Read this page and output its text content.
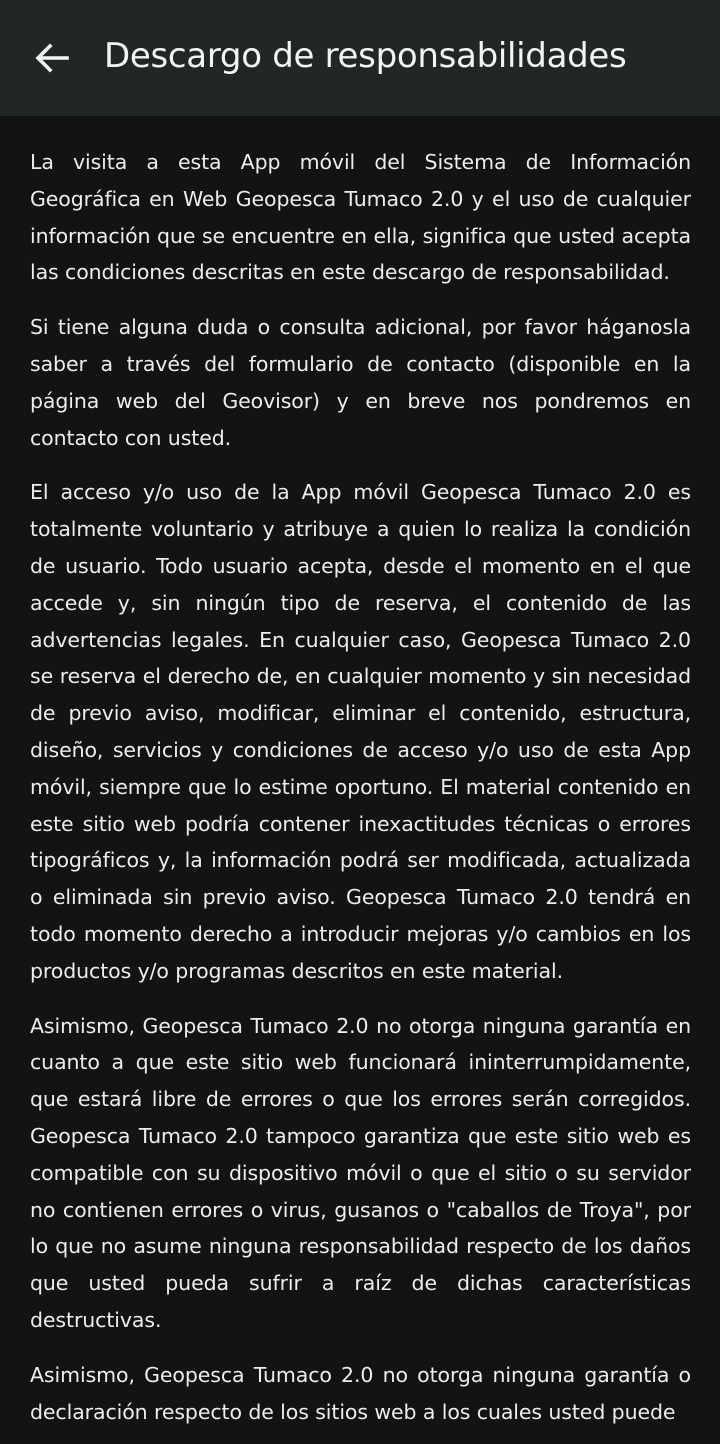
Descargo de responsabilidades

La visita a esta App móvil del Sistema de Información Geográfica en Web Geopesca Tumaco 2.0 y el uso de cualquier información que se encuentre en ella, significa que usted acepta las condiciones descritas en este descargo de responsabilidad.

Si tiene alguna duda o consulta adicional, por favor háganosla saber a través del formulario de contacto (disponible en la página web del Geovisor) y en breve nos pondremos en contacto con usted.

El acceso y/o uso de la App móvil Geopesca Tumaco 2.0 es totalmente voluntario y atribuye a quien lo realiza la condición de usuario. Todo usuario acepta, desde el momento en el que accede y, sin ningún tipo de reserva, el contenido de las advertencias legales. En cualquier caso, Geopesca Tumaco 2.0 se reserva el derecho de, en cualquier momento y sin necesidad de previo aviso, modificar, eliminar el contenido, estructura, diseño, servicios y condiciones de acceso y/o uso de esta App móvil, siempre que lo estime oportuno. El material contenido en este sitio web podría contener inexactitudes técnicas o errores tipográficos y, la información podrá ser modificada, actualizada o eliminada sin previo aviso. Geopesca Tumaco 2.0 tendrá en todo momento derecho a introducir mejoras y/o cambios en los productos y/o programas descritos en este material.

Asimismo, Geopesca Tumaco 2.0 no otorga ninguna garantía en cuanto a que este sitio web funcionará ininterrumpidamente, que estará libre de errores o que los errores serán corregidos. Geopesca Tumaco 2.0 tampoco garantiza que este sitio web es compatible con su dispositivo móvil o que el sitio o su servidor no contienen errores o virus, gusanos o "caballos de Troya", por lo que no asume ninguna responsabilidad respecto de los daños que usted pueda sufrir a raíz de dichas características destructivas.

Asimismo, Geopesca Tumaco 2.0 no otorga ninguna garantía o declaración respecto de los sitios web a los cuales usted puede
